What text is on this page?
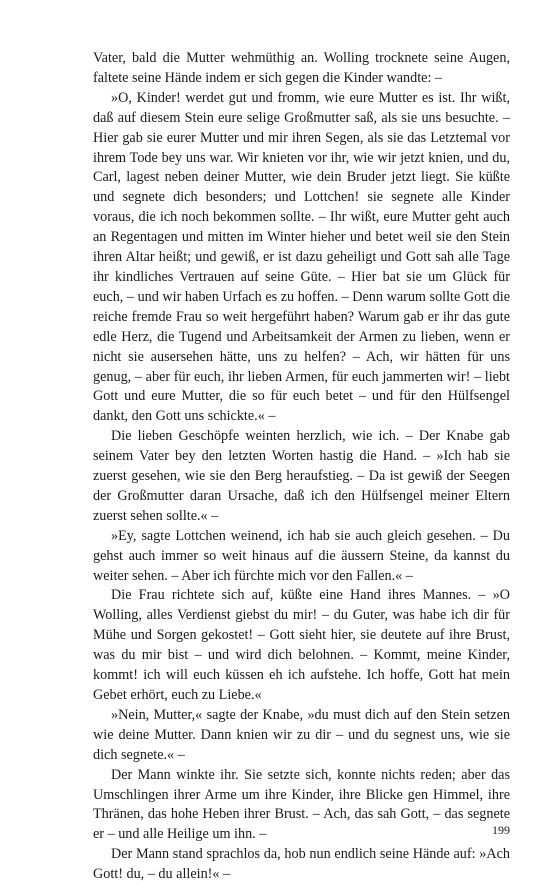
Vater, bald die Mutter wehmüthig an. Wolling trocknete seine Augen, faltete seine Hände indem er sich gegen die Kinder wandte: –

»O, Kinder! werdet gut und fromm, wie eure Mutter es ist. Ihr wißt, daß auf diesem Stein eure selige Großmutter saß, als sie uns besuchte. – Hier gab sie eurer Mutter und mir ihren Segen, als sie das Letztemal vor ihrem Tode bey uns war. Wir knieten vor ihr, wie wir jetzt knien, und du, Carl, lagest neben deiner Mutter, wie dein Bruder jetzt liegt. Sie küßte und segnete dich besonders; und Lottchen! sie segnete alle Kinder voraus, die ich noch bekommen sollte. – Ihr wißt, eure Mutter geht auch an Regentagen und mitten im Winter hieher und betet weil sie den Stein ihren Altar heißt; und gewiß, er ist dazu geheiligt und Gott sah alle Tage ihr kindliches Vertrauen auf seine Güte. – Hier bat sie um Glück für euch, – und wir haben Urfach es zu hoffen. – Denn warum sollte Gott die reiche fremde Frau so weit hergeführt haben? Warum gab er ihr das gute edle Herz, die Tugend und Arbeitsamkeit der Armen zu lieben, wenn er nicht sie ausersehen hätte, uns zu helfen? – Ach, wir hätten für uns genug, – aber für euch, ihr lieben Armen, für euch jammerten wir! – liebt Gott und eure Mutter, die so für euch betet – und für den Hülfsengel dankt, den Gott uns schickte.« –

Die lieben Geschöpfe weinten herzlich, wie ich. – Der Knabe gab seinem Vater bey den letzten Worten hastig die Hand. – »Ich hab sie zuerst gesehen, wie sie den Berg heraufstieg. – Da ist gewiß der Seegen der Großmutter daran Ursache, daß ich den Hülfsengel meiner Eltern zuerst sehen sollte.« –

»Ey, sagte Lottchen weinend, ich hab sie auch gleich gesehen. – Du gehst auch immer so weit hinaus auf die äussern Steine, da kannst du weiter sehen. – Aber ich fürchte mich vor den Fallen.« –

Die Frau richtete sich auf, küßte eine Hand ihres Mannes. – »O Wolling, alles Verdienst giebst du mir! – du Guter, was habe ich dir für Mühe und Sorgen gekostet! – Gott sieht hier, sie deutete auf ihre Brust, was du mir bist – und wird dich belohnen. – Kommt, meine Kinder, kommt! ich will euch küssen eh ich aufstehe. Ich hoffe, Gott hat mein Gebet erhört, euch zu Liebe.«

»Nein, Mutter,« sagte der Knabe, »du must dich auf den Stein setzen wie deine Mutter. Dann knien wir zu dir – und du segnest uns, wie sie dich segnete.« –

Der Mann winkte ihr. Sie setzte sich, konnte nichts reden; aber das Umschlingen ihrer Arme um ihre Kinder, ihre Blicke gen Himmel, ihre Thränen, das hohe Heben ihrer Brust. – Ach, das sah Gott, – das segnete er – und alle Heilige um ihn. –

Der Mann stand sprachlos da, hob nun endlich seine Hände auf: »Ach Gott! du, – du allein!« –

199
